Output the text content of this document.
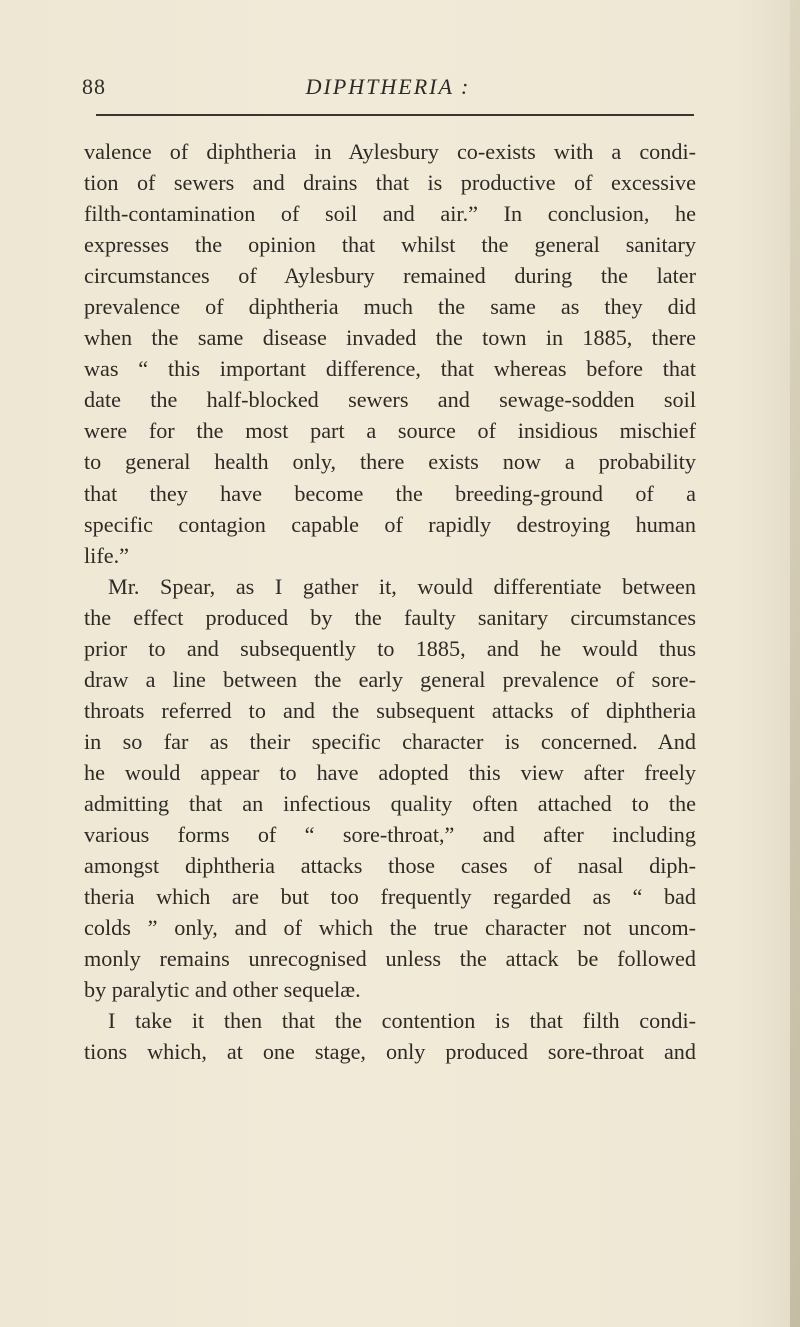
88	DIPHTHERIA :
valence of diphtheria in Aylesbury co-exists with a condi-
tion of sewers and drains that is productive of excessive
filth-contamination of soil and air.” In conclusion, he
expresses the opinion that whilst the general sanitary
circumstances of Aylesbury remained during the later
prevalence of diphtheria much the same as they did
when the same disease invaded the town in 1885, there
was “ this important difference, that whereas before that
date the half-blocked sewers and sewage-sodden soil
were for the most part a source of insidious mischief
to general health only, there exists now a probability
that they have become the breeding-ground of a
specific contagion capable of rapidly destroying human
life.”
Mr. Spear, as I gather it, would differentiate between
the effect produced by the faulty sanitary circumstances
prior to and subsequently to 1885, and he would thus
draw a line between the early general prevalence of sore-
throats referred to and the subsequent attacks of diphtheria
in so far as their specific character is concerned. And
he would appear to have adopted this view after freely
admitting that an infectious quality often attached to the
various forms of “ sore-throat,” and after including
amongst diphtheria attacks those cases of nasal diph-
theria which are but too frequently regarded as “ bad
colds ” only, and of which the true character not uncom-
monly remains unrecognised unless the attack be followed
by paralytic and other sequelæ.
I take it then that the contention is that filth condi-
tions which, at one stage, only produced sore-throat and
